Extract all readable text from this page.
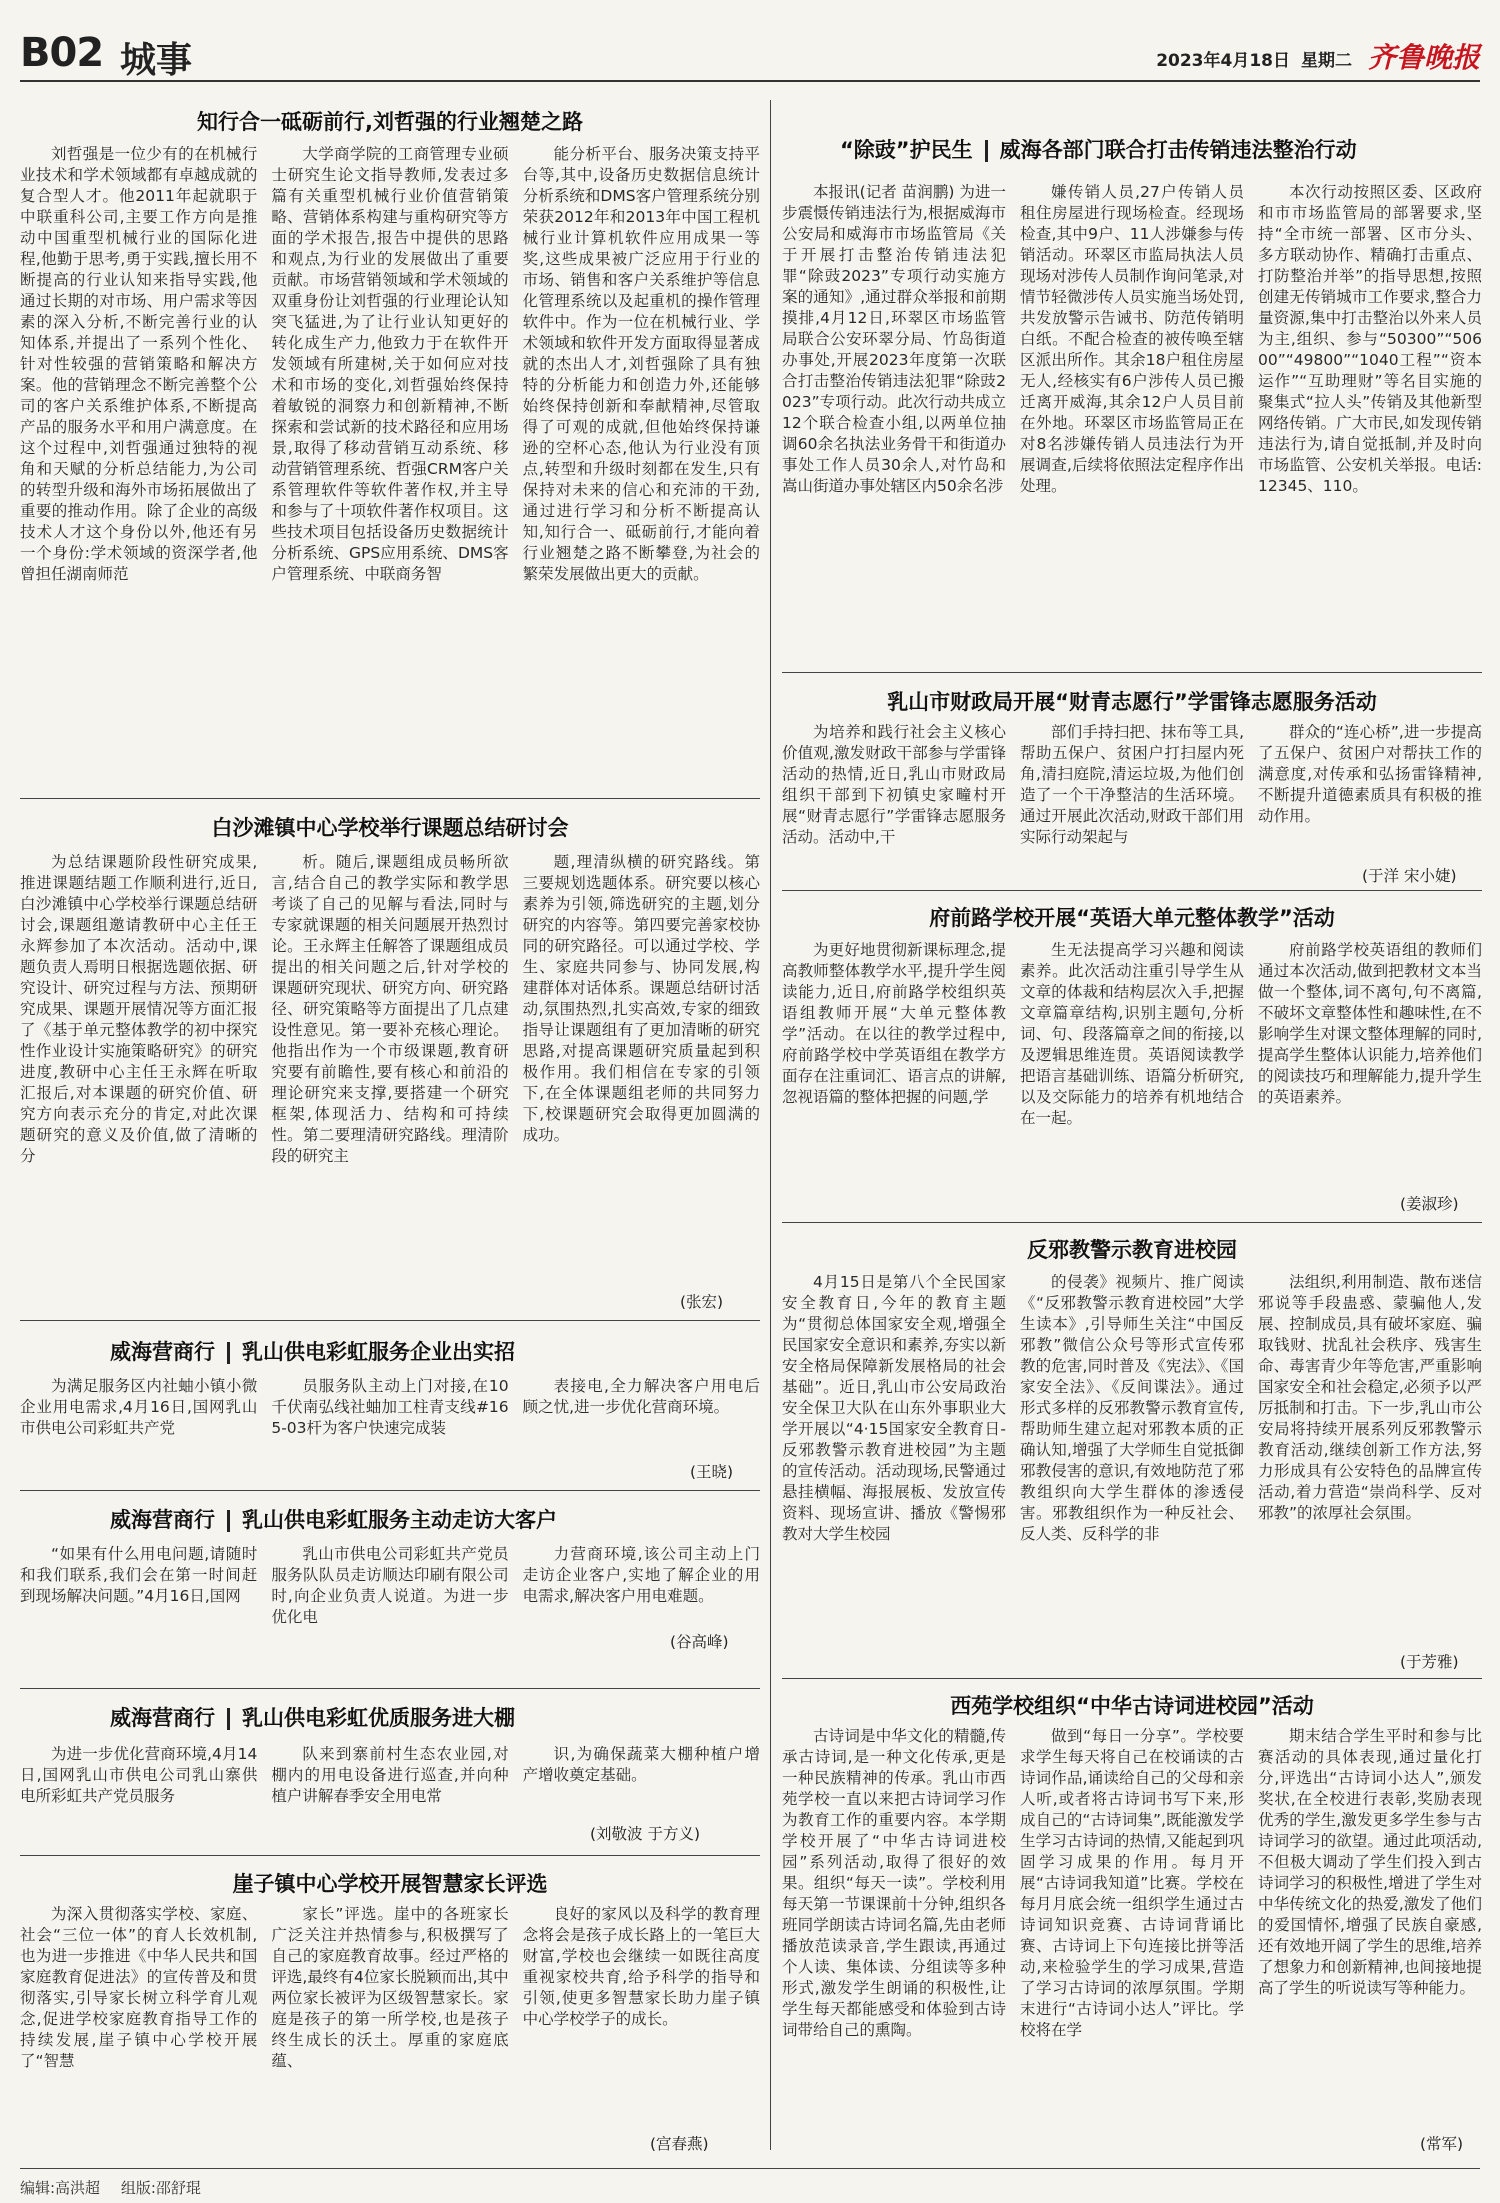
B02 城事	2023年4月18日 星期二 齐鲁晚报
知行合一砥砺前行,刘哲强的行业翘楚之路
刘哲强是一位少有的在机械行业技术和学术领域都有卓越成就的复合型人才。他2011年起就职于中联重科公司,主要工作方向是推动中国重型机械行业的国际化进程,他勤于思考,勇于实践,擅长用不断提高的行业认知来指导实践,他通过长期的对市场、用户需求等因素的深入分析,不断完善行业的认知体系,并提出了一系列个性化、针对性较强的营销策略和解决方案。他的营销理念不断完善整个公司的客户关系维护体系,不断提高产品的服务水平和用户满意度。在这个过程中,刘哲强通过独特的视角和天赋的分析总结能力,为公司的转型升级和海外市场拓展做出了重要的推动作用。除了企业的高级技术人才这个身份以外,他还有另一个身份:学术领域的资深学者,他曾担任湖南师范
大学商学院的工商管理专业硕士研究生论文指导教师,发表过多篇有关重型机械行业价值营销策略、营销体系构建与重构研究等方面的学术报告,报告中提供的思路和观点,为行业的发展做出了重要贡献。市场营销领域和学术领域的双重身份让刘哲强的行业理论认知突飞猛进,为了让行业认知更好的转化成生产力,他致力于在软件开发领域有所建树,关于如何应对技术和市场的变化,刘哲强始终保持着敏锐的洞察力和创新精神,不断探索和尝试新的技术路径和应用场景,取得了移动营销互动系统、移动营销管理系统、哲强CRM客户关系管理软件等软件著作权,并主导和参与了十项软件著作权项目。这些技术项目包括设备历史数据统计分析系统、GPS应用系统、DMS客户管理系统、中联商务智
能分析平台、服务决策支持平台等,其中,设备历史数据信息统计分析系统和DMS客户管理系统分别荣获2012年和2013年中国工程机械行业计算机软件应用成果一等奖,这些成果被广泛应用于行业的市场、销售和客户关系维护等信息化管理系统以及起重机的操作管理软件中。作为一位在机械行业、学术领域和软件开发方面取得显著成就的杰出人才,刘哲强除了具有独特的分析能力和创造力外,还能够始终保持创新和奉献精神,尽管取得了可观的成就,但他始终保持谦逊的空杯心态,他认为行业没有顶点,转型和升级时刻都在发生,只有保持对未来的信心和充沛的干劲,通过进行学习和分析不断提高认知,知行合一、砥砺前行,才能向着行业翘楚之路不断攀登,为社会的繁荣发展做出更大的贡献。
白沙滩镇中心学校举行课题总结研讨会
为总结课题阶段性研究成果,推进课题结题工作顺利进行,近日,白沙滩镇中心学校举行课题总结研讨会,课题组邀请教研中心主任王永辉参加了本次活动。活动中,课题负责人焉明日根据选题依据、研究设计、研究过程与方法、预期研究成果、课题开展情况等方面汇报了《基于单元整体教学的初中探究性作业设计实施策略研究》的研究进度,教研中心主任王永辉在听取汇报后,对本课题的研究价值、研究方向表示充分的肯定,对此次课题研究的意义及价值,做了清晰的分
析。随后,课题组成员畅所欲言,结合自己的教学实际和教学思考谈了自己的见解与看法,同时与专家就课题的相关问题展开热烈讨论。王永辉主任解答了课题组成员提出的相关问题之后,针对学校的课题研究现状、研究方向、研究路径、研究策略等方面提出了几点建设性意见。第一要补充核心理论。他指出作为一个市级课题,教育研究要有前瞻性,要有核心和前沿的理论研究来支撑,要搭建一个研究框架,体现活力、结构和可持续性。第二要理清研究路线。理清阶段的研究主
题,理清纵横的研究路线。第三要规划选题体系。研究要以核心素养为引领,筛选研究的主题,划分研究的内容等。第四要完善家校协同的研究路径。可以通过学校、学生、家庭共同参与、协同发展,构建群体对话体系。课题总结研讨活动,氛围热烈,扎实高效,专家的细致指导让课题组有了更加清晰的研究思路,对提高课题研究质量起到积极作用。我们相信在专家的引领下,在全体课题组老师的共同努力下,校课题研究会取得更加圆满的成功。
(张宏)
威海营商行 乳山供电彩虹服务企业出实招
为满足服务区内社蚰小镇小微企业用电需求,4月16日,国网乳山市供电公司彩虹共产党
员服务队主动上门对接,在10千伏南弘线社蚰加工柱青支线#165-03杆为客户快速完成装
表接电,全力解决客户用电后顾之忧,进一步优化营商环境。
(王晓)
威海营商行 乳山供电彩虹服务主动走访大客户
“如果有什么用电问题,请随时和我们联系,我们会在第一时间赶到现场解决问题。”4月16日,国网
乳山市供电公司彩虹共产党员服务队队员走访顺达印刷有限公司时,向企业负责人说道。为进一步优化电
力营商环境,该公司主动上门走访企业客户,实地了解企业的用电需求,解决客户用电难题。
(谷高峰)
威海营商行 乳山供电彩虹优质服务进大棚
为进一步优化营商环境,4月14日,国网乳山市供电公司乳山寨供电所彩虹共产党员服务
队来到寨前村生态农业园,对棚内的用电设备进行巡查,并向种植户讲解春季安全用电常
识,为确保蔬菜大棚种植户增产增收奠定基础。
(刘敬波 于方义)
崖子镇中心学校开展智慧家长评选
为深入贯彻落实学校、家庭、社会“三位一体”的育人长效机制,也为进一步推进《中华人民共和国家庭教育促进法》的宣传普及和贯彻落实,引导家长树立科学育儿观念,促进学校家庭教育指导工作的持续发展,崖子镇中心学校开展了“智慧
家长”评选。崖中的各班家长广泛关注并热情参与,积极撰写了自己的家庭教育故事。经过严格的评选,最终有4位家长脱颖而出,其中两位家长被评为区级智慧家长。家庭是孩子的第一所学校,也是孩子终生成长的沃土。厚重的家庭底蕴、
良好的家风以及科学的教育理念将会是孩子成长路上的一笔巨大财富,学校也会继续一如既往高度重视家校共育,给予科学的指导和引领,使更多智慧家长助力崖子镇中心学校学子的成长。
(宫春燕)
“除豉”护民生 威海各部门联合打击传销违法整治行动
本报讯(记者 苗润鹏) 为进一步震慑传销违法行为,根据威海市公安局和威海市市场监管局《关于开展打击整治传销违法犯罪“除豉2023”专项行动实施方案的通知》,通过群众举报和前期摸排,4月12日,环翠区市场监管局联合公安环翠分局、竹岛街道办事处,开展2023年度第一次联合打击整治传销违法犯罪“除豉2023”专项行动。此次行动共成立12个联合检查小组,以两单位抽调60余名执法业务骨干和街道办事处工作人员30余人,对竹岛和嵩山街道办事处辖区内50余名涉
嫌传销人员,27户传销人员租住房屋进行现场检查。经现场检查,其中9户、11人涉嫌参与传销活动。环翠区市监局执法人员现场对涉传人员制作询问笔录,对情节轻微涉传人员实施当场处罚,共发放警示告诫书、防范传销明白纸。不配合检查的被传唤至辖区派出所作。其余18户租住房屋无人,经核实有6户涉传人员已搬迁离开威海,其余12户人员目前在外地。环翠区市场监管局正在对8名涉嫌传销人员违法行为开展调查,后续将依照法定程序作出处理。
本次行动按照区委、区政府和市市场监管局的部署要求,坚持“全市统一部署、区市分头、多方联动协作、精确打击重点、打防整治并举”的指导思想,按照创建无传销城市工作要求,整合力量资源,集中打击整治以外来人员为主,组织、参与“50300”“50600”“49800”“1040工程”“资本运作”“互助理财”等名目实施的聚集式“拉人头”传销及其他新型网络传销。广大市民,如发现传销违法行为,请自觉抵制,并及时向市场监管、公安机关举报。电话:12345、110。
乳山市财政局开展“财青志愿行”学雷锋志愿服务活动
为培养和践行社会主义核心价值观,激发财政干部参与学雷锋活动的热情,近日,乳山市财政局组织干部到下初镇史家疃村开展“财青志愿行”学雷锋志愿服务活动。活动中,干
部们手持扫把、抹布等工具,帮助五保户、贫困户打扫屋内死角,清扫庭院,清运垃圾,为他们创造了一个干净整洁的生活环境。通过开展此次活动,财政干部们用实际行动架起与
群众的“连心桥”,进一步提高了五保户、贫困户对帮扶工作的满意度,对传承和弘扬雷锋精神,不断提升道德素质具有积极的推动作用。
(于洋 宋小婕)
府前路学校开展“英语大单元整体教学”活动
为更好地贯彻新课标理念,提高教师整体教学水平,提升学生阅读能力,近日,府前路学校组织英语组教师开展“大单元整体教学”活动。在以往的教学过程中,府前路学校中学英语组在教学方面存在注重词汇、语言点的讲解,忽视语篇的整体把握的问题,学
生无法提高学习兴趣和阅读素养。此次活动注重引导学生从文章的体裁和结构层次入手,把握文章篇章结构,识别主题句,分析词、句、段落篇章之间的衔接,以及逻辑思维连贯。英语阅读教学把语言基础训练、语篇分析研究,以及交际能力的培养有机地结合在一起。
府前路学校英语组的教师们通过本次活动,做到把教材文本当做一个整体,词不离句,句不离篇,不破坏文章整体性和趣味性,在不影响学生对课文整体理解的同时,提高学生整体认识能力,培养他们的阅读技巧和理解能力,提升学生的英语素养。
(姜淑珍)
反邪教警示教育进校园
4月15日是第八个全民国家安全教育日,今年的教育主题为“贯彻总体国家安全观,增强全民国家安全意识和素养,夯实以新安全格局保障新发展格局的社会基础”。近日,乳山市公安局政治安全保卫大队在山东外事职业大学开展以“4·15国家安全教育日-反邪教警示教育进校园”为主题的宣传活动。活动现场,民警通过悬挂横幅、海报展板、发放宣传资料、现场宣讲、播放《警惕邪教对大学生校园
的侵袭》视频片、推广阅读《“反邪教警示教育进校园”大学生读本》,引导师生关注“中国反邪教”微信公众号等形式宣传邪教的危害,同时普及《宪法》、《国家安全法》、《反间谍法》。通过形式多样的反邪教警示教育宣传,帮助师生建立起对邪教本质的正确认知,增强了大学师生自觉抵御邪教侵害的意识,有效地防范了邪教组织向大学生群体的渗透侵害。邪教组织作为一种反社会、反人类、反科学的非
法组织,利用制造、散布迷信邪说等手段蛊惑、蒙骗他人,发展、控制成员,具有破坏家庭、骗取钱财、扰乱社会秩序、残害生命、毒害青少年等危害,严重影响国家安全和社会稳定,必须予以严厉抵制和打击。下一步,乳山市公安局将持续开展系列反邪教警示教育活动,继续创新工作方法,努力形成具有公安特色的品牌宣传活动,着力营造“崇尚科学、反对邪教”的浓厚社会氛围。
(于芳雅)
西苑学校组织“中华古诗词进校园”活动
古诗词是中华文化的精髓,传承古诗词,是一种文化传承,更是一种民族精神的传承。乳山市西苑学校一直以来把古诗词学习作为教育工作的重要内容。本学期学校开展了“中华古诗词进校园”系列活动,取得了很好的效果。组织“每天一读”。学校利用每天第一节课课前十分钟,组织各班同学朗读古诗词名篇,先由老师播放范读录音,学生跟读,再通过个人读、集体读、分组读等多种形式,激发学生朗诵的积极性,让学生每天都能感受和体验到古诗词带给自己的熏陶。
做到“每日一分享”。学校要求学生每天将自己在校诵读的古诗词作品,诵读给自己的父母和亲人听,或者将古诗词书写下来,形成自己的“古诗词集”,既能激发学生学习古诗词的热情,又能起到巩固学习成果的作用。每月开展“古诗词我知道”比赛。学校在每月月底会统一组织学生通过古诗词知识竞赛、古诗词背诵比赛、古诗词上下句连接比拼等活动,来检验学生的学习成果,营造了学习古诗词的浓厚氛围。学期末进行“古诗词小达人”评比。学校将在学
期末结合学生平时和参与比赛活动的具体表现,通过量化打分,评选出“古诗词小达人”,颁发奖状,在全校进行表彰,奖励表现优秀的学生,激发更多学生参与古诗词学习的欲望。通过此项活动,不但极大调动了学生们投入到古诗词学习的积极性,增进了学生对中华传统文化的热爱,激发了他们的爱国情怀,增强了民族自豪感,还有效地开阔了学生的思维,培养了想象力和创新精神,也间接地提高了学生的听说读写等种能力。
(常军)
编辑:高洪超 组版:邵舒琨
